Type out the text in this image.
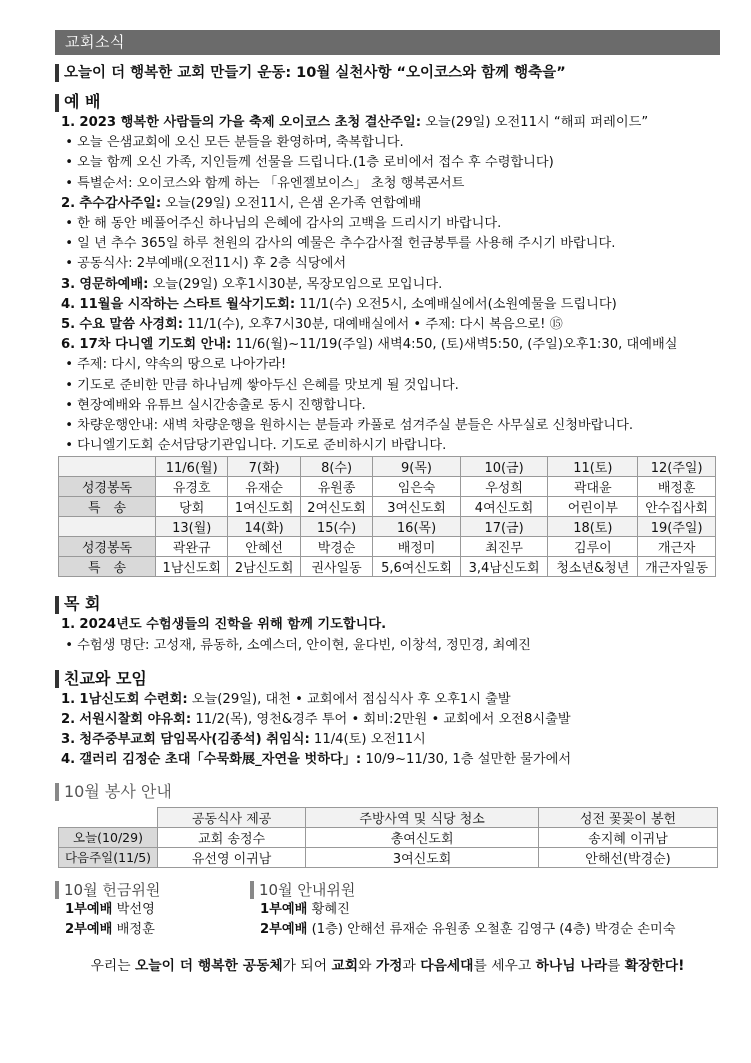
교회소식
오늘이 더 행복한 교회 만들기 운동: 10월 실천사항 “오이코스와 함께 행축을”
예 배
1. 2023 행복한 사람들의 가을 축제 오이코스 초청 결산주일: 오늘(29일) 오전11시 “해피 퍼레이드”
• 오늘 은샘교회에 오신 모든 분들을 환영하며, 축복합니다.
• 오늘 함께 오신 가족, 지인들께 선물을 드립니다.(1층 로비에서 접수 후 수령합니다)
• 특별순서: 오이코스와 함께 하는 「유엔젤보이스」 초청 행복콘서트
2. 추수감사주일: 오늘(29일) 오전11시, 은샘 온가족 연합예배
• 한 해 동안 베풀어주신 하나님의 은혜에 감사의 고백을 드리시기 바랍니다.
• 일 년 추수 365일 하루 천원의 감사의 예물은 추수감사절 헌금봉투를 사용해 주시기 바랍니다.
• 공동식사: 2부예배(오전11시) 후 2층 식당에서
3. 영문하예배: 오늘(29일) 오후1시30분, 목장모임으로 모입니다.
4. 11월을 시작하는 스타트 월삭기도회: 11/1(수) 오전5시, 소예배실에서(소원예물을 드립니다)
5. 수요 말씀 사경회: 11/1(수), 오후7시30분, 대예배실에서 • 주제: 다시 복음으로! ⑮
6. 17차 다니엘 기도회 안내: 11/6(월)~11/19(주일) 새벽4:50, (토)새벽5:50, (주일)오후1:30, 대예배실
• 주제: 다시, 약속의 땅으로 나아가라!
• 기도로 준비한 만큼 하나님께 쌓아두신 은혜를 맛보게 될 것입니다.
• 현장예배와 유튜브 실시간송출로 동시 진행합니다.
• 차량운행안내: 새벽 차량운행을 원하시는 분들과 카풀로 섬겨주실 분들은 사무실로 신청바랍니다.
• 다니엘기도회 순서담당기관입니다. 기도로 준비하시기 바랍니다.
	11/6(월)	7(화)	8(수)	9(목)	10(금)	11(토)	12(주일)
성경봉독	유경호	유재순	유원종	임은숙	우성희	곽대윤	배정훈
특　송	당회	1여신도회	2여신도회	3여신도회	4여신도회	어린이부	안수집사회
	13(월)	14(화)	15(수)	16(목)	17(금)	18(토)	19(주일)
성경봉독	곽완규	안혜선	박경순	배정미	최진무	김루이	개근자
특　송	1남신도회	2남신도회	권사일동	5,6여신도회	3,4남신도회	청소년&청년	개근자일동
목 회
1. 2024년도 수험생들의 진학을 위해 함께 기도합니다.
• 수험생 명단: 고성재, 류동하, 소예스더, 안이현, 윤다빈, 이창석, 정민경, 최예진
친교와 모임
1. 1남신도회 수련회: 오늘(29일), 대천 • 교회에서 점심식사 후 오후1시 출발
2. 서원시찰회 야유회: 11/2(목), 영천&경주 투어 • 회비:2만원 • 교회에서 오전8시출발
3. 청주중부교회 담임목사(김종석) 취임식: 11/4(토) 오전11시
4. 갤러리 김정순 초대「수묵화展_자연을 벗하다」: 10/9~11/30, 1층 설만한 물가에서
10월 봉사 안내
	공동식사 제공	주방사역 및 식당 청소	성전 꽃꽂이 봉헌
오늘(10/29)	교회 송정수	총여신도회	송지혜 이귀남
다음주일(11/5)	유선영 이귀남	3여신도회	안해선(박경순)
10월 헌금위원
1부예배 박선영
2부예배 배정훈
10월 안내위원
1부예배 황혜진
2부예배 (1층) 안해선 류재순 유원종 오철훈 김영구 (4층) 박경순 손미숙
우리는 오늘이 더 행복한 공동체가 되어 교회와 가정과 다음세대를 세우고 하나님 나라를 확장한다!
